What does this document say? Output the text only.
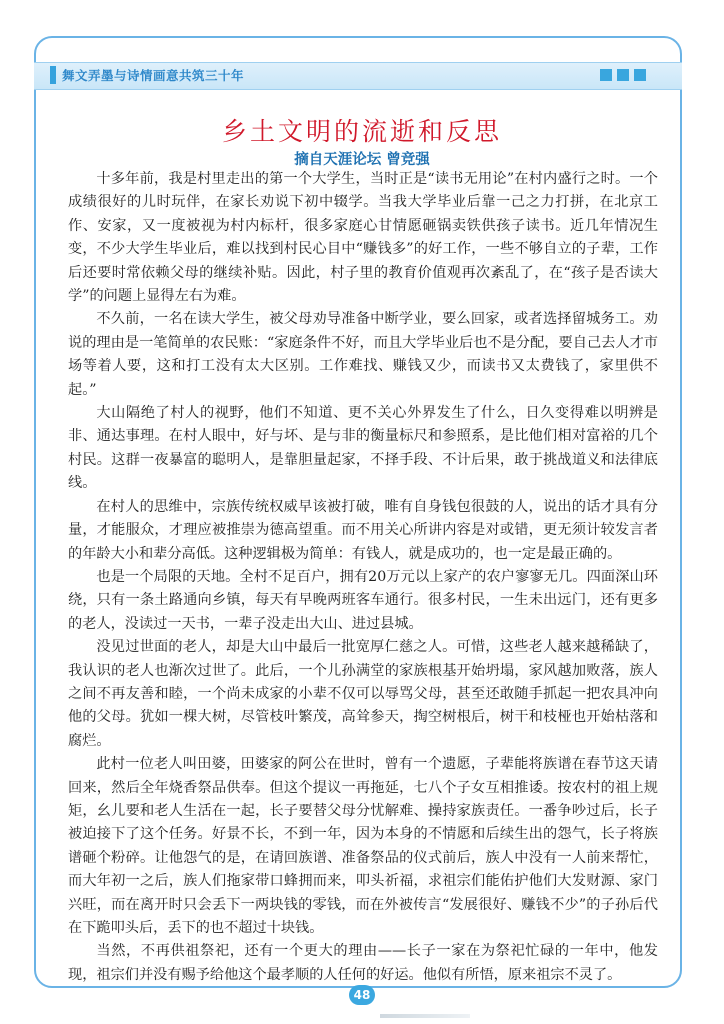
舞文弄墨与诗情画意共筑三十年
乡土文明的流逝和反思
摘自天涯论坛 曾竞强

十多年前，我是村里走出的第一个大学生，当时正是“读书无用论”在村内盛行之时。一个成绩很好的儿时玩伴，在家长劝说下初中辍学。当我大学毕业后靠一己之力打拼，在北京工作、安家，又一度被视为村内标杆，很多家庭心甘情愿砸锅卖铁供孩子读书。近几年情况生变，不少大学生毕业后，难以找到村民心目中“赚钱多”的好工作，一些不够自立的子辈，工作后还要时常依赖父母的继续补贴。因此，村子里的教育价值观再次紊乱了，在“孩子是否读大学”的问题上显得左右为难。

不久前，一名在读大学生，被父母劝导准备中断学业，要么回家，或者选择留城务工。劝说的理由是一笔简单的农民账：“家庭条件不好，而且大学毕业后也不是分配，要自己去人才市场等着人要，这和打工没有太大区别。工作难找、赚钱又少，而读书又太费钱了，家里供不起。”

大山隔绝了村人的视野，他们不知道、更不关心外界发生了什么，日久变得难以明辨是非、通达事理。在村人眼中，好与坏、是与非的衡量标尺和参照系，是比他们相对富裕的几个村民。这群一夜暴富的聪明人，是靠胆量起家，不择手段、不计后果，敢于挑战道义和法律底线。

在村人的思维中，宗族传统权威早该被打破，唯有自身钱包很鼓的人，说出的话才具有分量，才能服众，才理应被推崇为德高望重。而不用关心所讲内容是对或错，更无须计较发言者的年龄大小和辈分高低。这种逻辑极为简单：有钱人，就是成功的，也一定是最正确的。

也是一个局限的天地。全村不足百户，拥有20万元以上家产的农户寥寥无几。四面深山环绕，只有一条土路通向乡镇，每天有早晚两班客车通行。很多村民，一生未出远门，还有更多的老人，没读过一天书，一辈子没走出大山、进过县城。

没见过世面的老人，却是大山中最后一批宽厚仁慈之人。可惜，这些老人越来越稀缺了，我认识的老人也渐次过世了。此后，一个儿孙满堂的家族根基开始坍塌，家风越加败落，族人之间不再友善和睦，一个尚未成家的小辈不仅可以辱骂父母，甚至还敢随手抓起一把农具冲向他的父母。犹如一棵大树，尽管枝叶繁茂，高耸参天，掏空树根后，树干和枝桠也开始枯落和腐烂。

此村一位老人叫田婆，田婆家的阿公在世时，曾有一个遗愿，子辈能将族谱在春节这天请回来，然后全年烧香祭品供奉。但这个提议一再拖延，七八个子女互相推诿。按农村的祖上规矩，幺儿要和老人生活在一起，长子要替父母分忧解难、操持家族责任。一番争吵过后，长子被迫接下了这个任务。好景不长，不到一年，因为本身的不情愿和后续生出的怨气，长子将族谱砸个粉碎。让他怨气的是，在请回族谱、准备祭品的仪式前后，族人中没有一人前来帮忙，而大年初一之后，族人们拖家带口蜂拥而来，叩头祈福，求祖宗们能佑护他们大发财源、家门兴旺，而在离开时只会丢下一两块钱的零钱，而在外被传言“发展很好、赚钱不少”的子孙后代在下跪叩头后，丢下的也不超过十块钱。

当然，不再供祖祭祀，还有一个更大的理由——长子一家在为祭祀忙碌的一年中，他发现，祖宗们并没有赐予给他这个最孝顺的人任何的好运。他似有所悟，原来祖宗不灵了。

48
